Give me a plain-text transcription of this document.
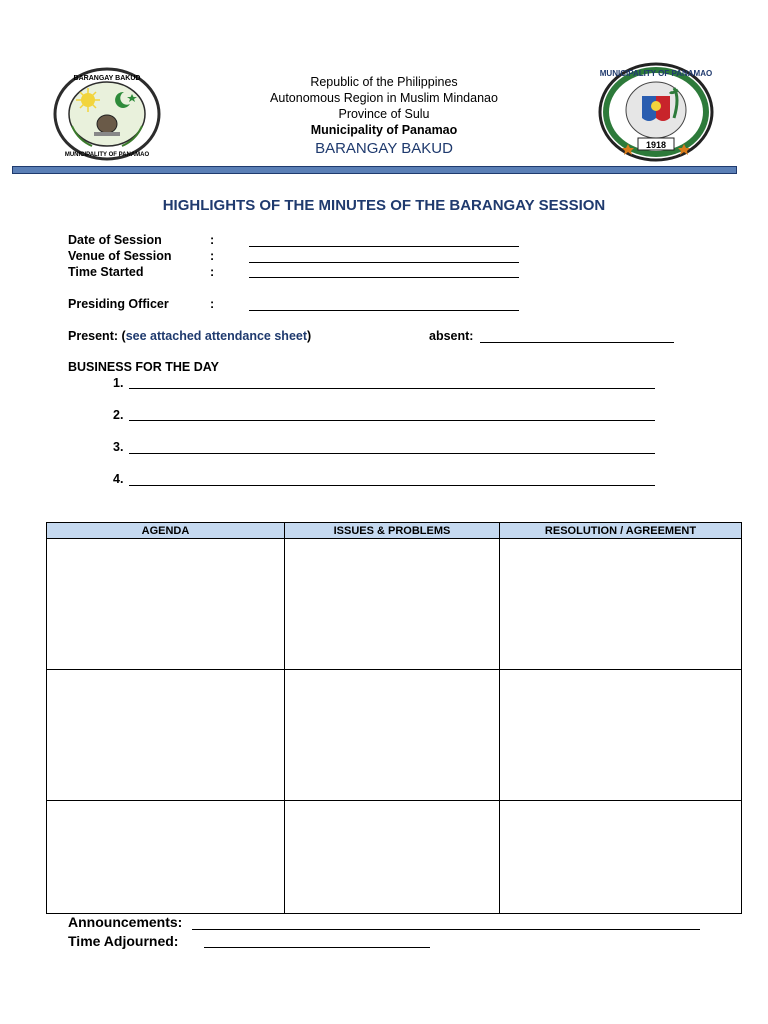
BARANGAY BAKUD
MUNICIPALITY OF PANAMAO
1918
MUNICIPALITY OF PANAMAO
Republic of the Philippines
Autonomous Region in Muslim Mindanao
Province of Sulu
Municipality of Panamao
BARANGAY BAKUD
HIGHLIGHTS OF THE MINUTES OF THE BARANGAY SESSION
Date of Session	:
Venue of Session	:
Time Started	:
Presiding Officer	:
Present: (see attached attendance sheet)	absent:
BUSINESS FOR THE DAY
1.
2.
3.
4.
AGENDA	ISSUES & PROBLEMS	RESOLUTION / AGREEMENT

Announcements:
Time Adjourned:
